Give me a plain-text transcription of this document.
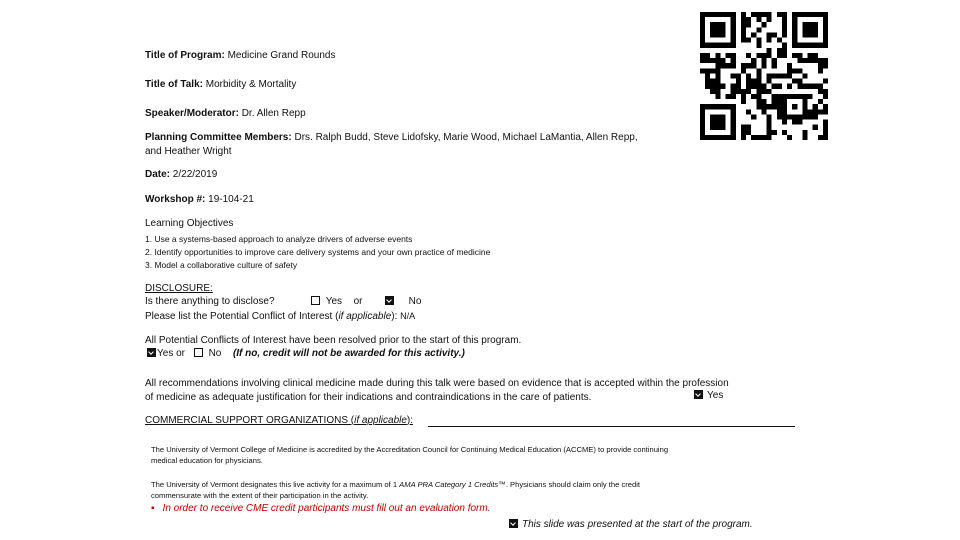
Title of Program: Medicine Grand Rounds
Title of Talk: Morbidity & Mortality
Speaker/Moderator: Dr. Allen Repp
Planning Committee Members: Drs. Ralph Budd, Steve Lidofsky, Marie Wood, Michael LaMantia, Allen Repp,
and Heather Wright
Date: 2/22/2019
Workshop #: 19-104-21
Learning Objectives
1. Use a systems-based approach to analyze drivers of adverse events
2. Identify opportunities to improve care delivery systems and your own practice of medicine
3. Model a collaborative culture of safety
DISCLOSURE:
Is there anything to disclose?	Yes or	No
Please list the Potential Conflict of Interest (if applicable): N/A
All Potential Conflicts of Interest have been resolved prior to the start of this program.
Yes or No (If no, credit will not be awarded for this activity.)
All recommendations involving clinical medicine made during this talk were based on evidence that is accepted within the profession
of medicine as adequate justification for their indications and contraindications in the care of patients.	Yes
COMMERCIAL SUPPORT ORGANIZATIONS (if applicable):
The University of Vermont College of Medicine is accredited by the Accreditation Council for Continuing Medical Education (ACCME) to provide continuing
medical education for physicians.
The University of Vermont designates this live activity for a maximum of 1 AMA PRA Category 1 Credits™. Physicians should claim only the credit
commensurate with the extent of their participation in the activity.
▪ In order to receive CME credit participants must fill out an evaluation form.
This slide was presented at the start of the program.
